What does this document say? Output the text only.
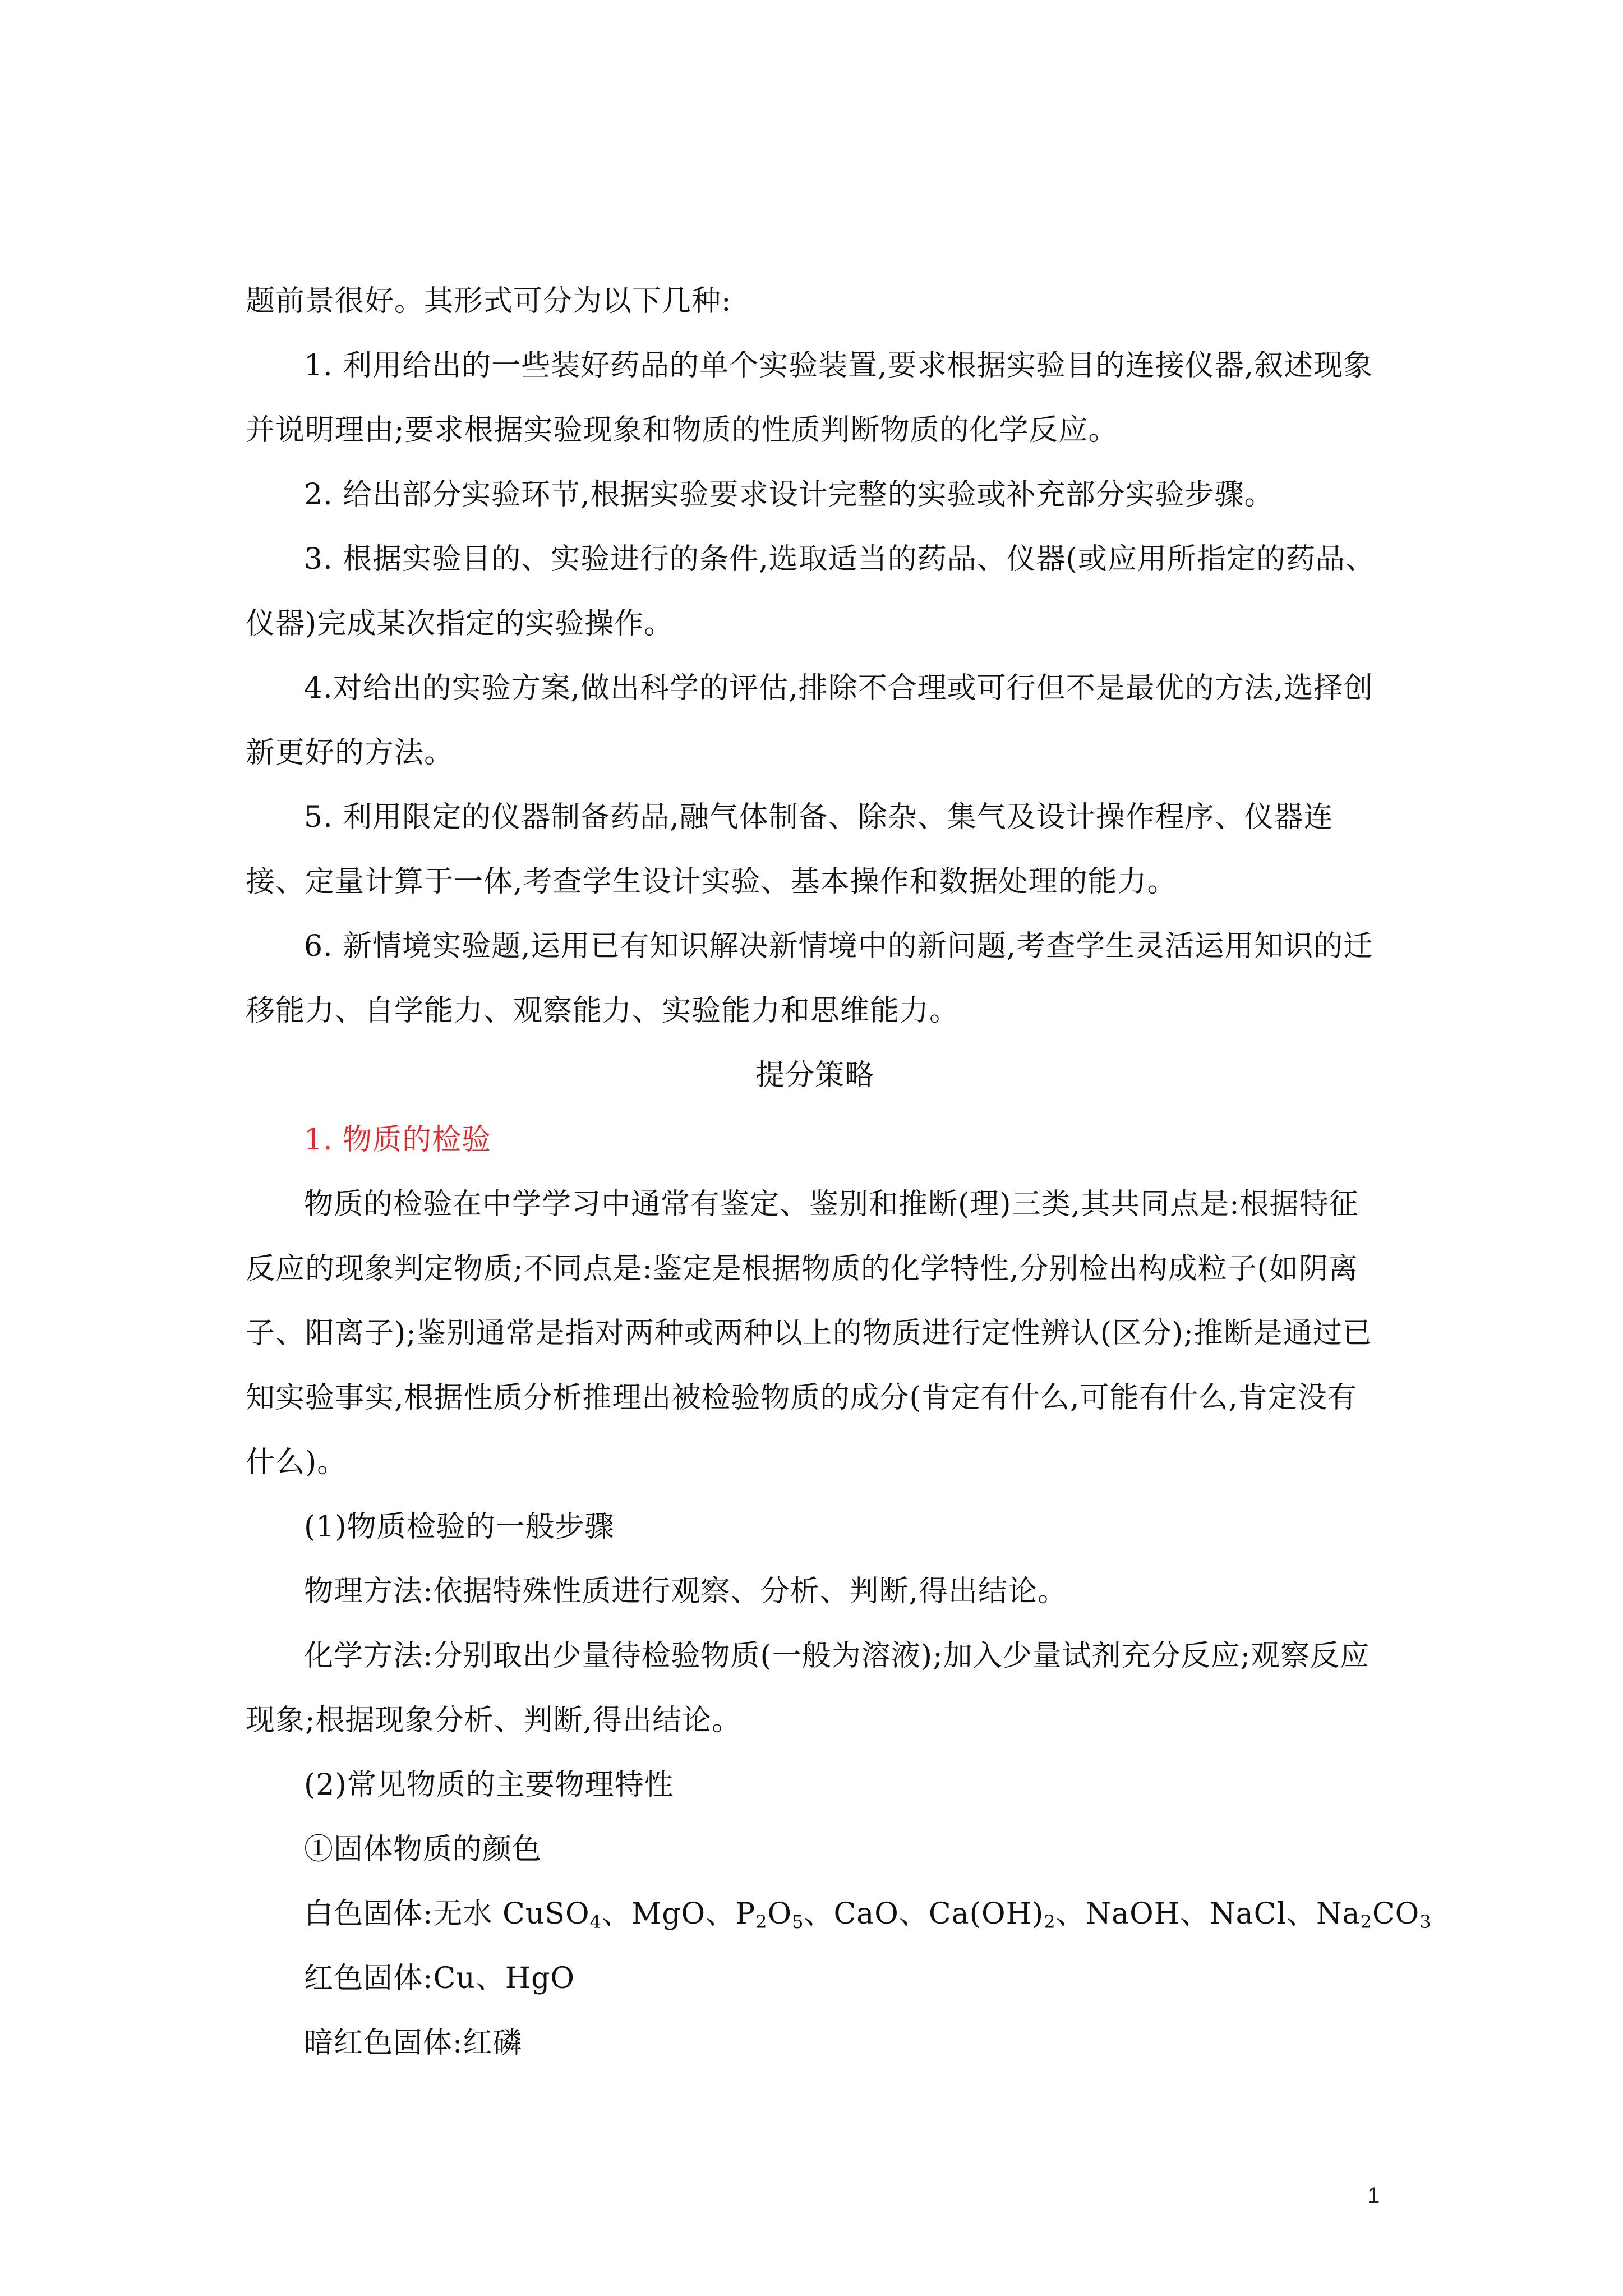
题前景很好。其形式可分为以下几种:

1. 利用给出的一些装好药品的单个实验装置,要求根据实验目的连接仪器,叙述现象并说明理由;要求根据实验现象和物质的性质判断物质的化学反应。

2. 给出部分实验环节,根据实验要求设计完整的实验或补充部分实验步骤。

3. 根据实验目的、实验进行的条件,选取适当的药品、仪器(或应用所指定的药品、仪器)完成某次指定的实验操作。

4.对给出的实验方案,做出科学的评估,排除不合理或可行但不是最优的方法,选择创新更好的方法。

5. 利用限定的仪器制备药品,融气体制备、除杂、集气及设计操作程序、仪器连接、定量计算于一体,考查学生设计实验、基本操作和数据处理的能力。

6. 新情境实验题,运用已有知识解决新情境中的新问题,考查学生灵活运用知识的迁移能力、自学能力、观察能力、实验能力和思维能力。

提分策略

1. 物质的检验

物质的检验在中学学习中通常有鉴定、鉴别和推断(理)三类,其共同点是:根据特征反应的现象判定物质;不同点是:鉴定是根据物质的化学特性,分别检出构成粒子(如阴离子、阳离子);鉴别通常是指对两种或两种以上的物质进行定性辨认(区分);推断是通过已知实验事实,根据性质分析推理出被检验物质的成分(肯定有什么,可能有什么,肯定没有什么)。

(1)物质检验的一般步骤

物理方法:依据特殊性质进行观察、分析、判断,得出结论。

化学方法:分别取出少量待检验物质(一般为溶液);加入少量试剂充分反应;观察反应现象;根据现象分析、判断,得出结论。

(2)常见物质的主要物理特性

①固体物质的颜色

白色固体:无水 CuSO$_4$、MgO、$P_2O_5$、CaO、$Ca(OH)_2$、NaOH、NaCl、$Na_2CO_3$

红色固体:Cu、HgO

暗红色固体:红磷

1
